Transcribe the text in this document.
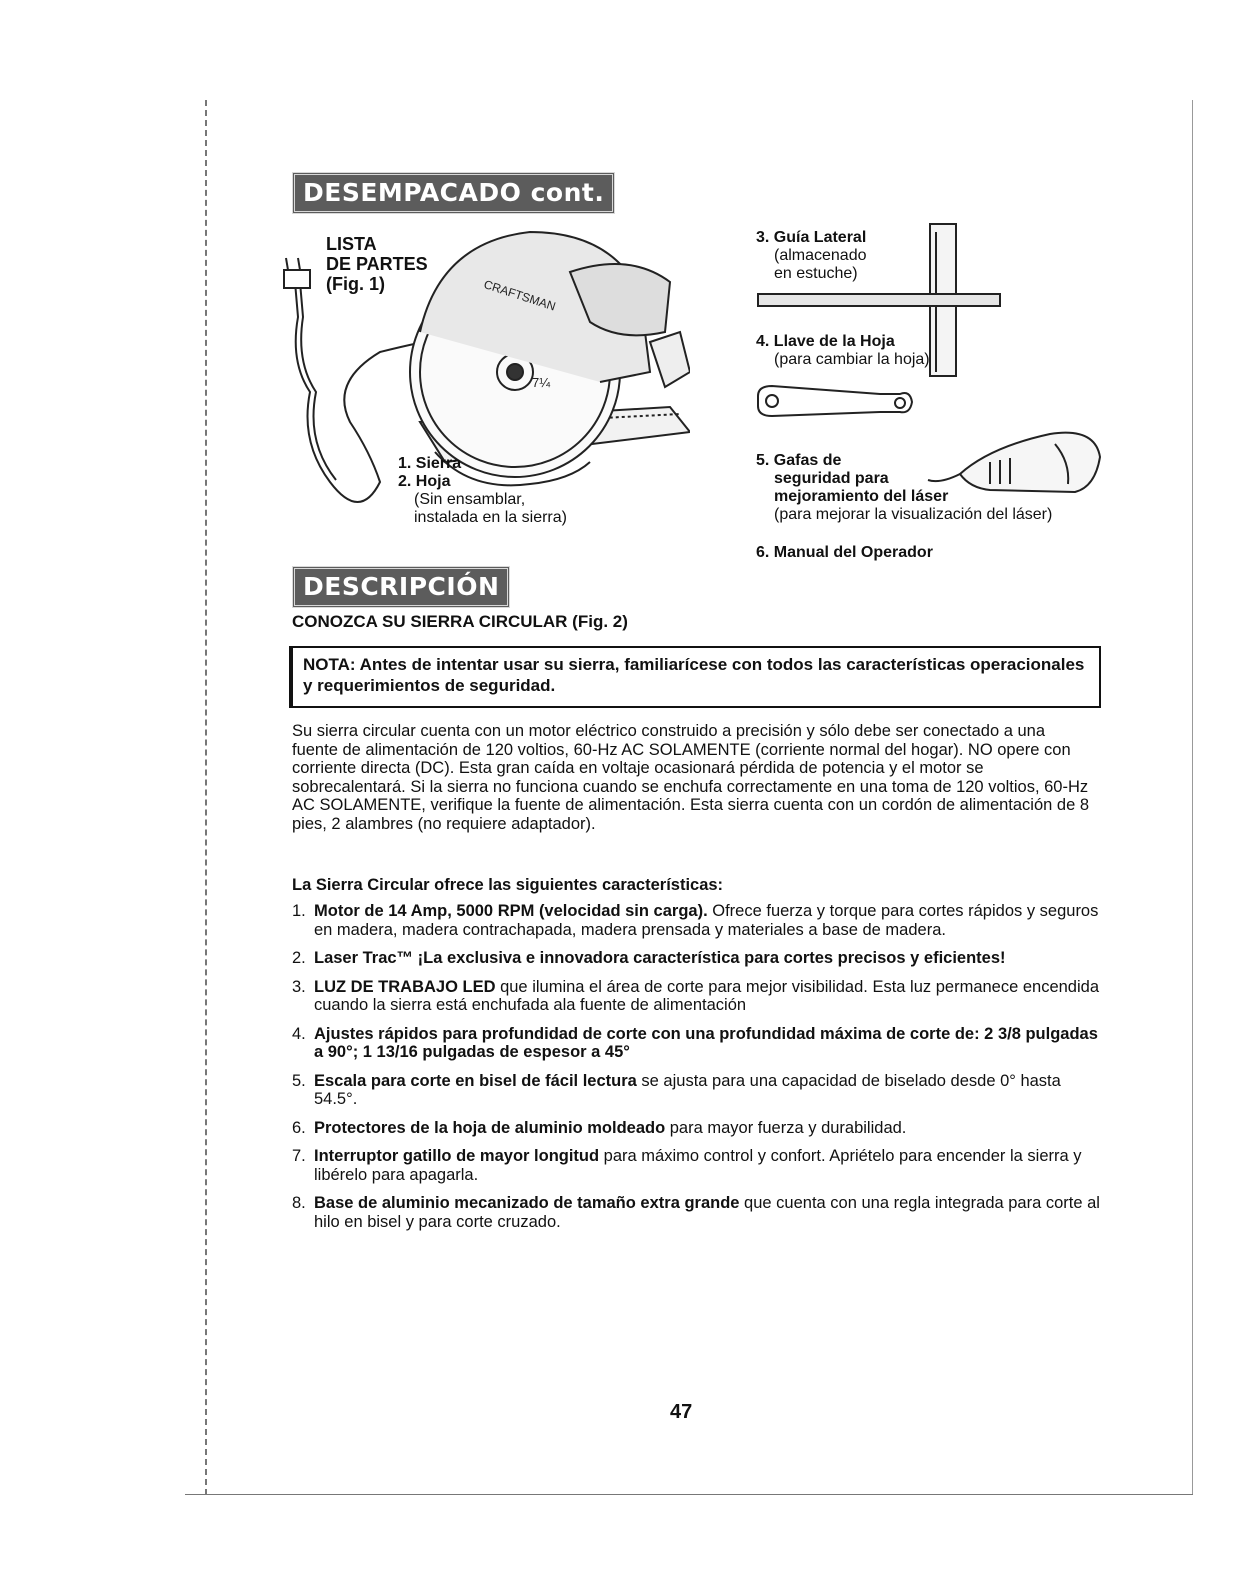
DESEMPACADO cont.
CRAFTSMAN
7¼
LISTA
DE PARTES
(Fig. 1)
1. Sierra
2. Hoja
(Sin ensamblar,
instalada en la sierra)
3. Guía Lateral
(almacenado
en estuche)
4. Llave de la Hoja
(para cambiar la hoja)
5. Gafas de
seguridad para
mejoramiento del láser
(para mejorar la visualización del láser)
6. Manual del Operador
DESCRIPCIÓN
CONOZCA SU SIERRA CIRCULAR (Fig. 2)
NOTA: Antes de intentar usar su sierra, familiarícese con todos las características operacionales y requerimientos de seguridad.
Su sierra circular cuenta con un motor eléctrico construido a precisión y sólo debe ser conectado a una fuente de alimentación de 120 voltios, 60-Hz AC SOLAMENTE (corriente normal del hogar). NO opere con corriente directa (DC). Esta gran caída en voltaje ocasionará pérdida de potencia y el motor se sobrecalentará. Si la sierra no funciona cuando se enchufa correctamente en una toma de 120 voltios, 60-Hz AC SOLAMENTE, verifique la fuente de alimentación. Esta sierra cuenta con un cordón de alimentación de 8 pies, 2 alambres (no requiere adaptador).
La Sierra Circular ofrece las siguientes características:
1. Motor de 14 Amp, 5000 RPM (velocidad sin carga). Ofrece fuerza y torque para cortes rápidos y seguros en madera, madera contrachapada, madera prensada y materiales a base de madera.
2. Laser Trac™ ¡La exclusiva e innovadora característica para cortes precisos y eficientes!
3. LUZ DE TRABAJO LED que ilumina el área de corte para mejor visibilidad. Esta luz permanece encendida cuando la sierra está enchufada ala fuente de alimentación
4. Ajustes rápidos para profundidad de corte con una profundidad máxima de corte de: 2 3/8 pulgadas a 90°; 1 13/16 pulgadas de espesor a 45°
5. Escala para corte en bisel de fácil lectura se ajusta para una capacidad de biselado desde 0° hasta 54.5°.
6. Protectores de la hoja de aluminio moldeado para mayor fuerza y durabilidad.
7. Interruptor gatillo de mayor longitud para máximo control y confort. Apriételo para encender la sierra y libérelo para apagarla.
8. Base de aluminio mecanizado de tamaño extra grande que cuenta con una regla integrada para corte al hilo en bisel y para corte cruzado.
47
